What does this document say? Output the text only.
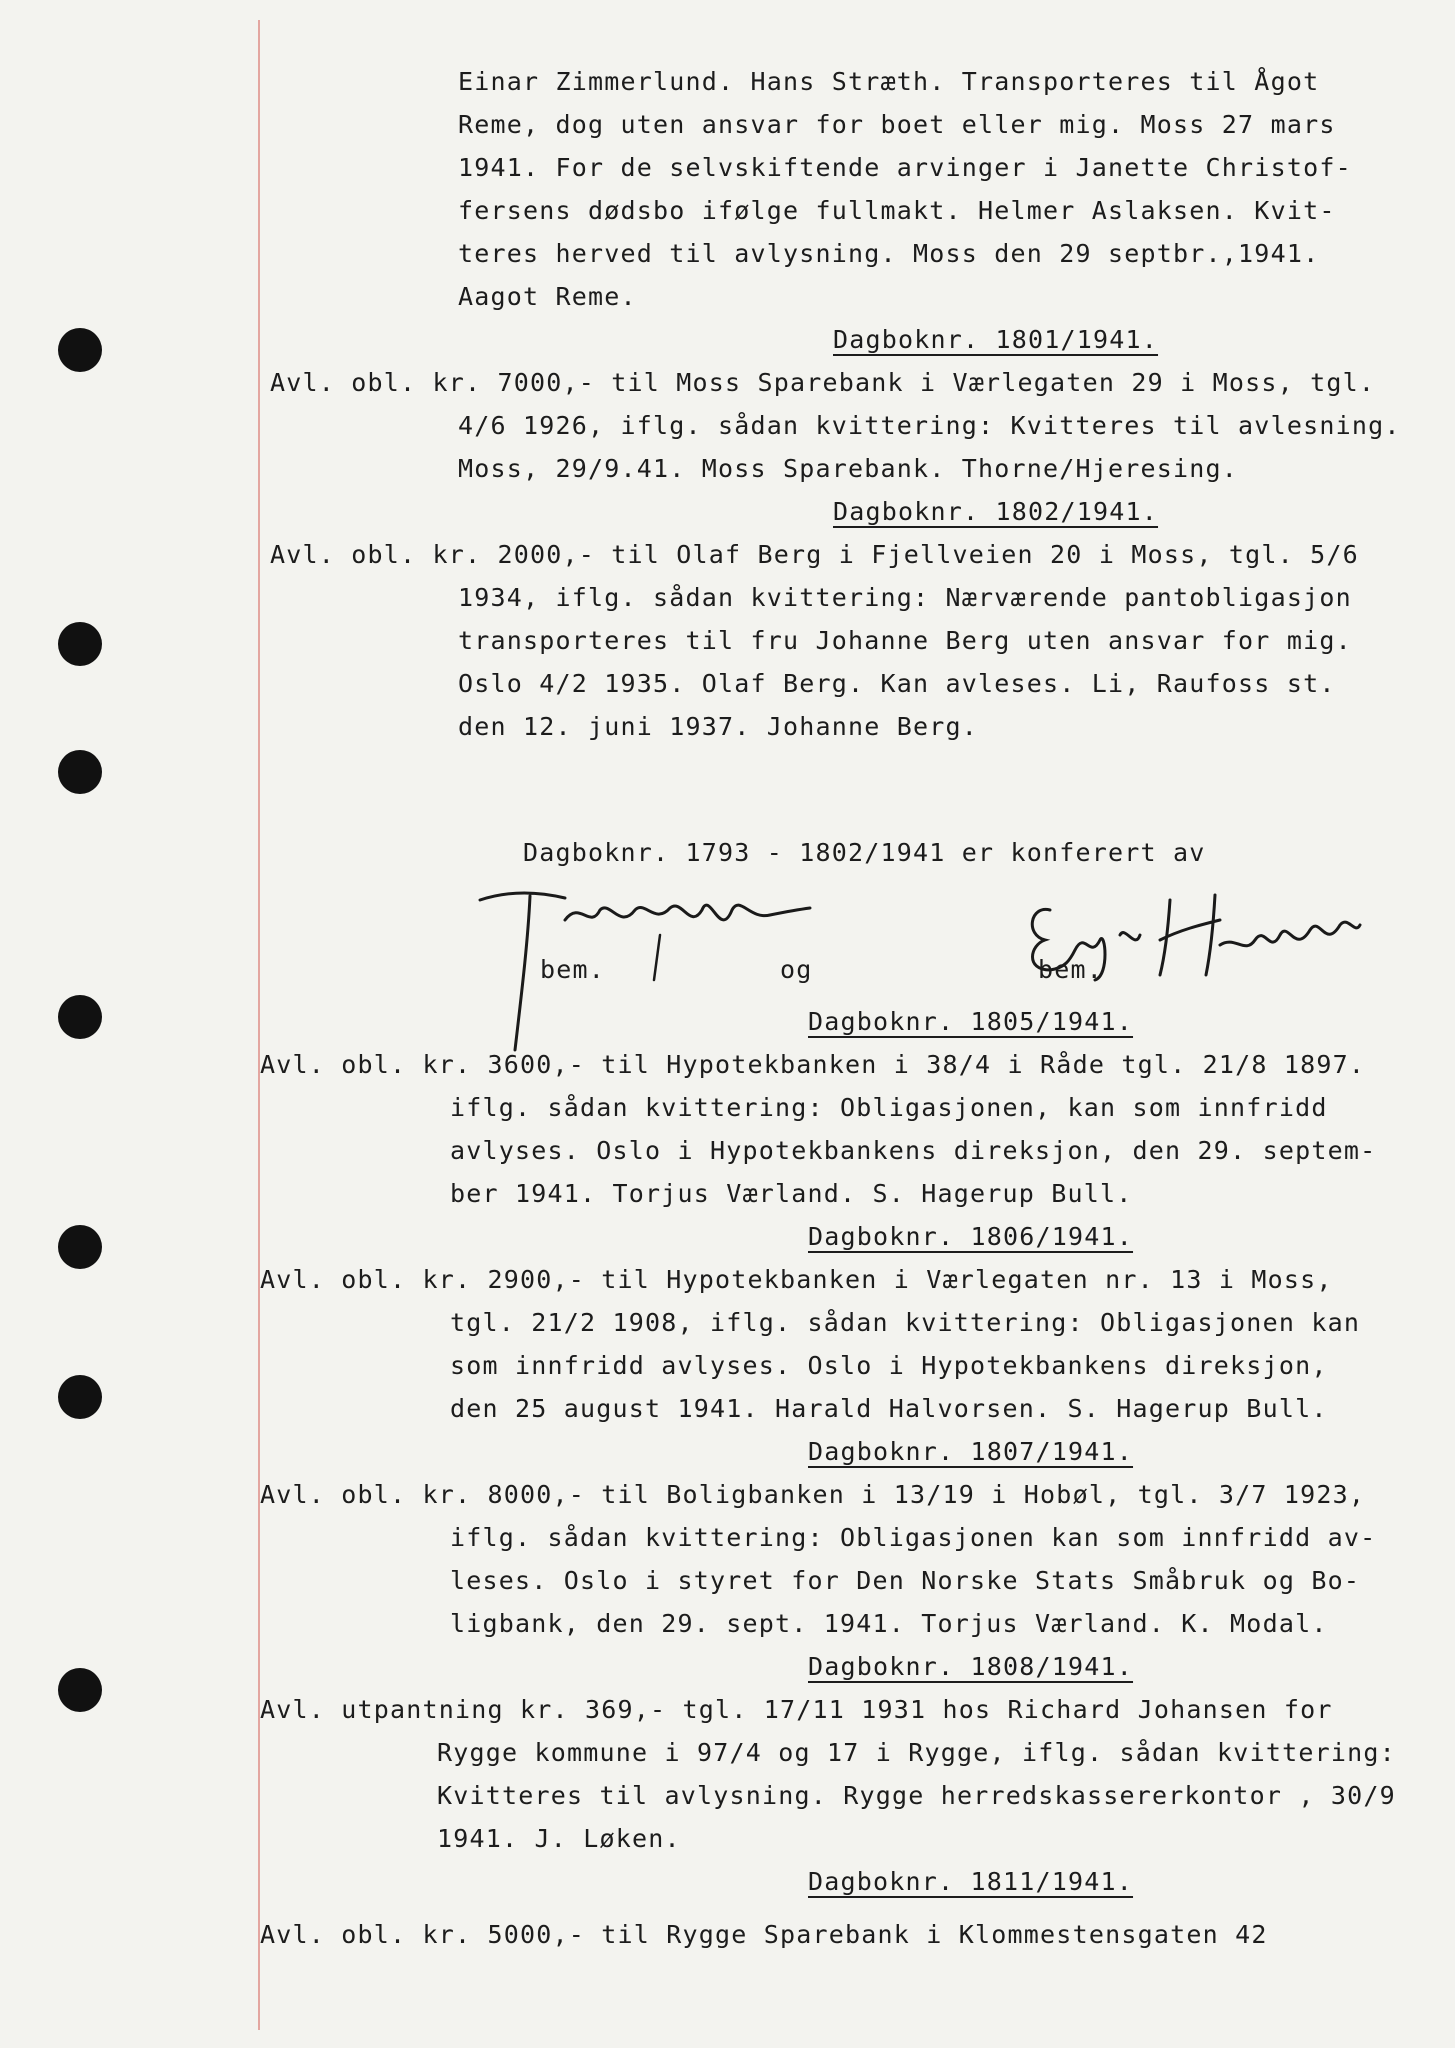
Einar Zimmerlund. Hans Stræth. Transporteres til Ågot
Reme, dog uten ansvar for boet eller mig. Moss 27 mars
1941. For de selvskiftende arvinger i Janette Christof-
fersens dødsbo ifølge fullmakt. Helmer Aslaksen. Kvit-
teres herved til avlysning. Moss den 29 septbr.,1941.
Aagot Reme.
Dagboknr. 1801/1941.
Avl. obl. kr. 7000,- til Moss Sparebank i Værlegaten 29 i Moss, tgl.
4/6 1926, iflg. sådan kvittering: Kvitteres til avlesning.
Moss, 29/9.41. Moss Sparebank. Thorne/Hjeresing.
Dagboknr. 1802/1941.
Avl. obl. kr. 2000,- til Olaf Berg i Fjellveien 20 i Moss, tgl. 5/6
1934, iflg. sådan kvittering: Nærværende pantobligasjon
transporteres til fru Johanne Berg uten ansvar for mig.
Oslo 4/2 1935. Olaf Berg. Kan avleses. Li, Raufoss st.
den 12. juni 1937. Johanne Berg.
Dagboknr. 1793 - 1802/1941 er konferert av
bem.	og	bem.
Dagboknr. 1805/1941.
Avl. obl. kr. 3600,- til Hypotekbanken i 38/4 i Råde tgl. 21/8 1897.
iflg. sådan kvittering: Obligasjonen, kan som innfridd
avlyses. Oslo i Hypotekbankens direksjon, den 29. septem-
ber 1941. Torjus Værland. S. Hagerup Bull.
Dagboknr. 1806/1941.
Avl. obl. kr. 2900,- til Hypotekbanken i Værlegaten nr. 13 i Moss,
tgl. 21/2 1908, iflg. sådan kvittering: Obligasjonen kan
som innfridd avlyses. Oslo i Hypotekbankens direksjon,
den 25 august 1941. Harald Halvorsen. S. Hagerup Bull.
Dagboknr. 1807/1941.
Avl. obl. kr. 8000,- til Boligbanken i 13/19 i Hobøl, tgl. 3/7 1923,
iflg. sådan kvittering: Obligasjonen kan som innfridd av-
leses. Oslo i styret for Den Norske Stats Småbruk og Bo-
ligbank, den 29. sept. 1941. Torjus Værland. K. Modal.
Dagboknr. 1808/1941.
Avl. utpantning kr. 369,- tgl. 17/11 1931 hos Richard Johansen for
Rygge kommune i 97/4 og 17 i Rygge, iflg. sådan kvittering:
Kvitteres til avlysning. Rygge herredskassererkontor , 30/9
1941. J. Løken.
Dagboknr. 1811/1941.
Avl. obl. kr. 5000,- til Rygge Sparebank i Klommestensgaten 42
